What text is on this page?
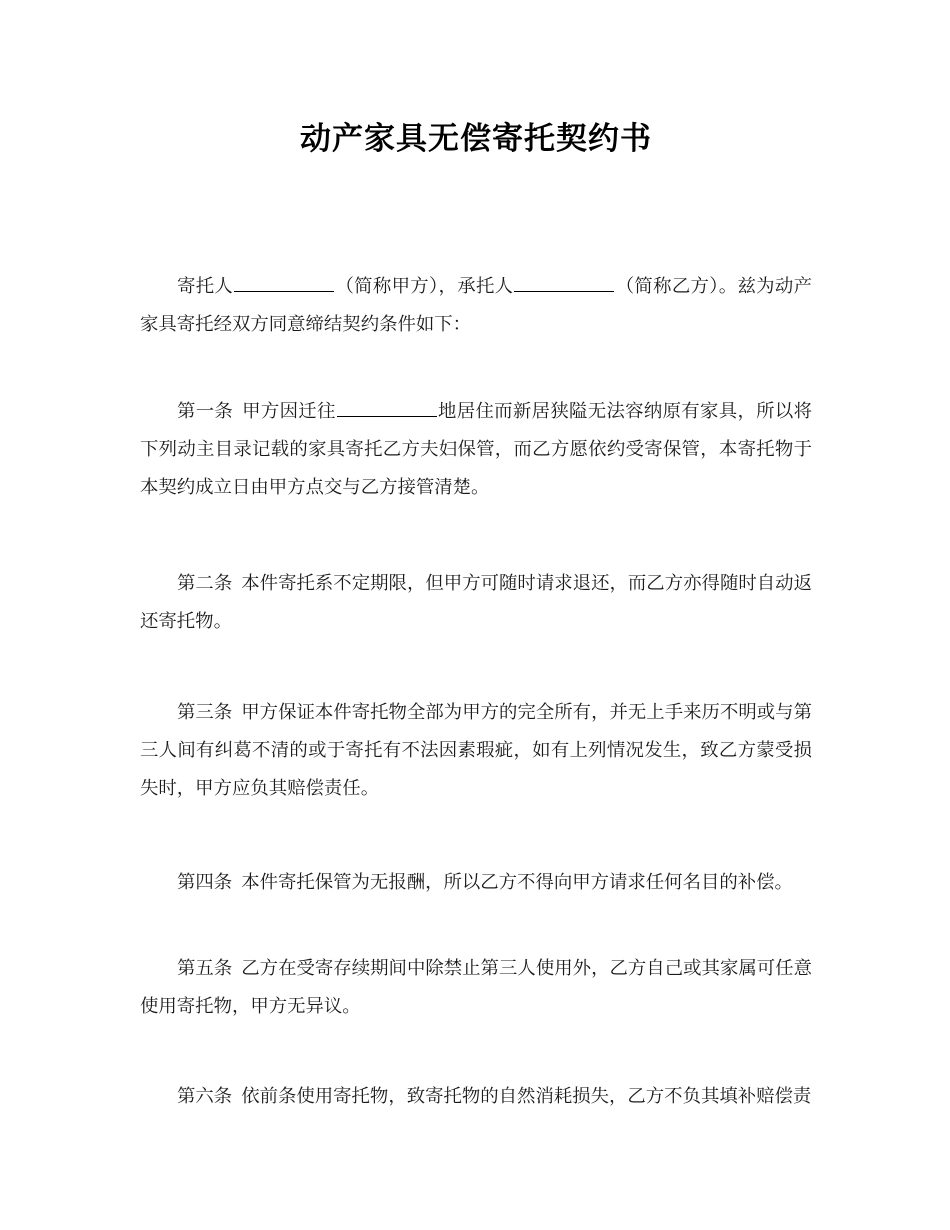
动产家具无偿寄托契约书

寄托人	（简称甲方），承托人	（简称乙方）。兹为动产家具寄托经双方同意缔结契约条件如下：

第一条 甲方因迁往	地居住而新居狭隘无法容纳原有家具，所以将下列动主目录记载的家具寄托乙方夫妇保管，而乙方愿依约受寄保管，本寄托物于本契约成立日由甲方点交与乙方接管清楚。

第二条 本件寄托系不定期限，但甲方可随时请求退还，而乙方亦得随时自动返还寄托物。

第三条 甲方保证本件寄托物全部为甲方的完全所有，并无上手来历不明或与第三人间有纠葛不清的或于寄托有不法因素瑕疵，如有上列情况发生，致乙方蒙受损失时，甲方应负其赔偿责任。

第四条 本件寄托保管为无报酬，所以乙方不得向甲方请求任何名目的补偿。

第五条 乙方在受寄存续期间中除禁止第三人使用外，乙方自己或其家属可任意使用寄托物，甲方无异议。

第六条 依前条使用寄托物，致寄托物的自然消耗损失，乙方不负其填补赔偿责
